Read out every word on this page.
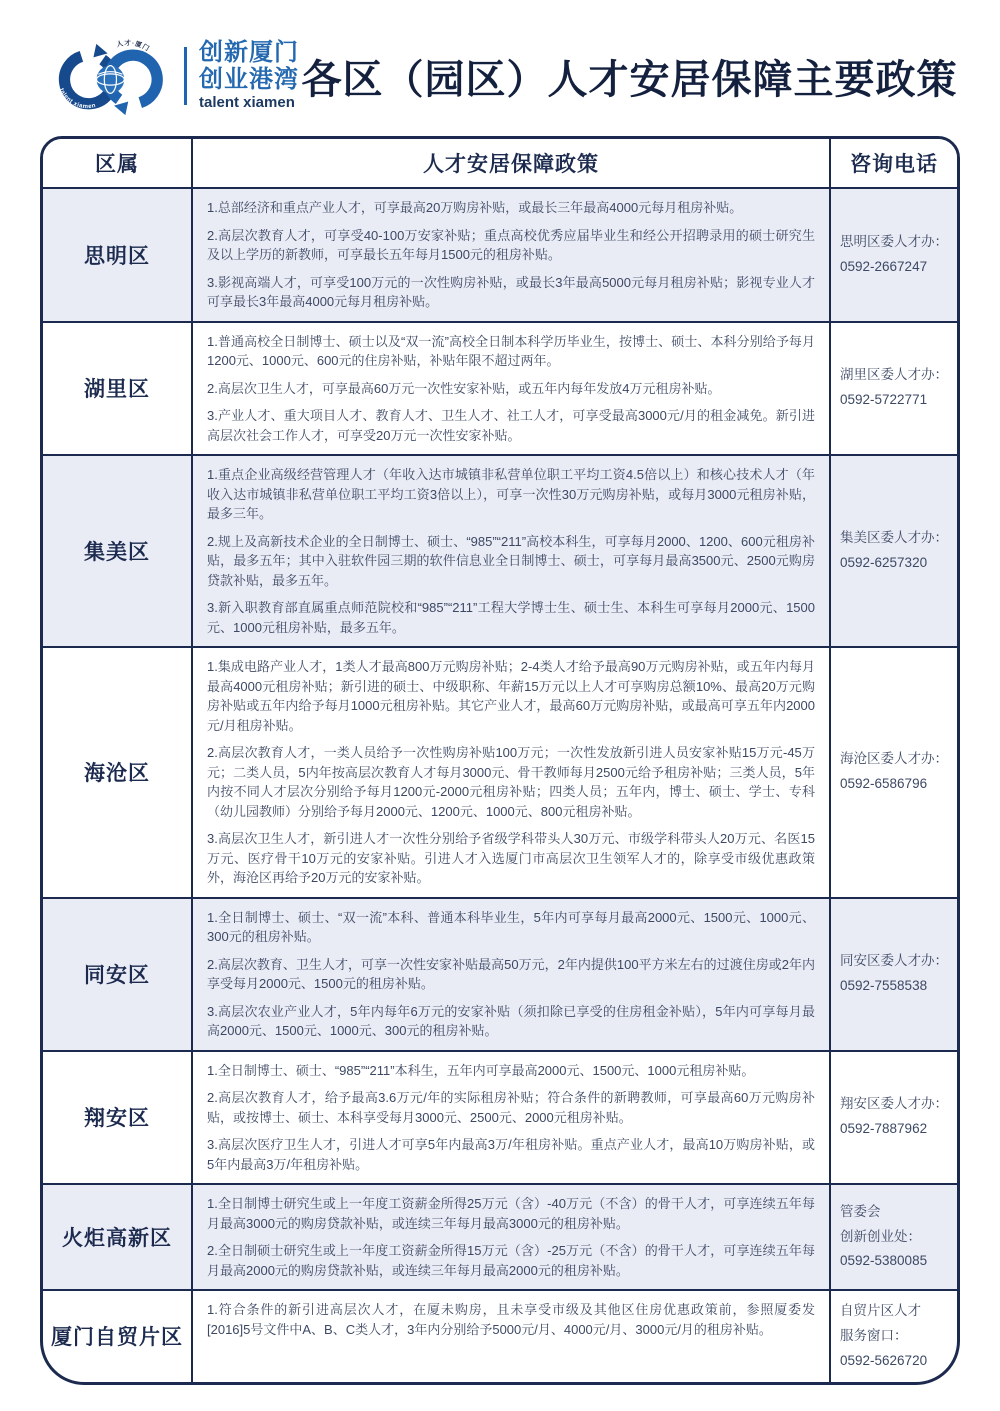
人才·厦门
talent xiamen
创新厦门
创业港湾
talent xiamen
各区（园区）人才安居保障主要政策
区属	人才安居保障政策	咨询电话
思明区

1.总部经济和重点产业人才，可享最高20万购房补贴，或最长三年最高4000元每月租房补贴。

2.高层次教育人才，可享受40-100万安家补贴；重点高校优秀应届毕业生和经公开招聘录用的硕士研究生及以上学历的新教师，可享最长五年每月1500元的租房补贴。

3.影视高端人才，可享受100万元的一次性购房补贴，或最长3年最高5000元每月租房补贴；影视专业人才可享最长3年最高4000元每月租房补贴。

思明区委人才办：
0592-2667247
湖里区

1.普通高校全日制博士、硕士以及“双一流”高校全日制本科学历毕业生，按博士、硕士、本科分别给予每月1200元、1000元、600元的住房补贴，补贴年限不超过两年。

2.高层次卫生人才，可享最高60万元一次性安家补贴，或五年内每年发放4万元租房补贴。

3.产业人才、重大项目人才、教育人才、卫生人才、社工人才，可享受最高3000元/月的租金减免。新引进高层次社会工作人才，可享受20万元一次性安家补贴。

湖里区委人才办：
0592-5722771
集美区

1.重点企业高级经营管理人才（年收入达市城镇非私营单位职工平均工资4.5倍以上）和核心技术人才（年收入达市城镇非私营单位职工平均工资3倍以上），可享一次性30万元购房补贴，或每月3000元租房补贴，最多三年。

2.规上及高新技术企业的全日制博士、硕士、“985”“211”高校本科生，可享每月2000、1200、600元租房补贴，最多五年；其中入驻软件园三期的软件信息业全日制博士、硕士，可享每月最高3500元、2500元购房贷款补贴，最多五年。

3.新入职教育部直属重点师范院校和“985”“211”工程大学博士生、硕士生、本科生可享每月2000元、1500元、1000元租房补贴，最多五年。

集美区委人才办：
0592-6257320
海沧区

1.集成电路产业人才，1类人才最高800万元购房补贴；2-4类人才给予最高90万元购房补贴，或五年内每月最高4000元租房补贴；新引进的硕士、中级职称、年薪15万元以上人才可享购房总额10%、最高20万元购房补贴或五年内给予每月1000元租房补贴。其它产业人才，最高60万元购房补贴，或最高可享五年内2000元/月租房补贴。

2.高层次教育人才，一类人员给予一次性购房补贴100万元；一次性发放新引进人员安家补贴15万元-45万元；二类人员，5内年按高层次教育人才每月3000元、骨干教师每月2500元给予租房补贴；三类人员，5年内按不同人才层次分别给予每月1200元-2000元租房补贴；四类人员；五年内，博士、硕士、学士、专科（幼儿园教师）分别给予每月2000元、1200元、1000元、800元租房补贴。

3.高层次卫生人才，新引进人才一次性分别给予省级学科带头人30万元、市级学科带头人20万元、名医15万元、医疗骨干10万元的安家补贴。引进人才入选厦门市高层次卫生领军人才的，除享受市级优惠政策外，海沧区再给予20万元的安家补贴。

海沧区委人才办：
0592-6586796
同安区

1.全日制博士、硕士、“双一流”本科、普通本科毕业生，5年内可享每月最高2000元、1500元、1000元、300元的租房补贴。

2.高层次教育、卫生人才，可享一次性安家补贴最高50万元，2年内提供100平方米左右的过渡住房或2年内享受每月2000元、1500元的租房补贴。

3.高层次农业产业人才，5年内每年6万元的安家补贴（须扣除已享受的住房租金补贴），5年内可享每月最高2000元、1500元、1000元、300元的租房补贴。

同安区委人才办：
0592-7558538
翔安区

1.全日制博士、硕士、“985”“211”本科生，五年内可享最高2000元、1500元、1000元租房补贴。

2.高层次教育人才，给予最高3.6万元/年的实际租房补贴；符合条件的新聘教师，可享最高60万元购房补贴，或按博士、硕士、本科享受每月3000元、2500元、2000元租房补贴。

3.高层次医疗卫生人才，引进人才可享5年内最高3万/年租房补贴。重点产业人才，最高10万购房补贴，或5年内最高3万/年租房补贴。

翔安区委人才办：
0592-7887962
火炬高新区

1.全日制博士研究生或上一年度工资薪金所得25万元（含）-40万元（不含）的骨干人才，可享连续五年每月最高3000元的购房贷款补贴，或连续三年每月最高3000元的租房补贴。

2.全日制硕士研究生或上一年度工资薪金所得15万元（含）-25万元（不含）的骨干人才，可享连续五年每月最高2000元的购房贷款补贴，或连续三年每月最高2000元的租房补贴。

管委会
创新创业处：
0592-5380085
厦门自贸片区

1.符合条件的新引进高层次人才，在厦未购房，且未享受市级及其他区住房优惠政策前，参照厦委发[2016]5号文件中A、B、C类人才，3年内分别给予5000元/月、4000元/月、3000元/月的租房补贴。

自贸片区人才
服务窗口：
0592-5626720
